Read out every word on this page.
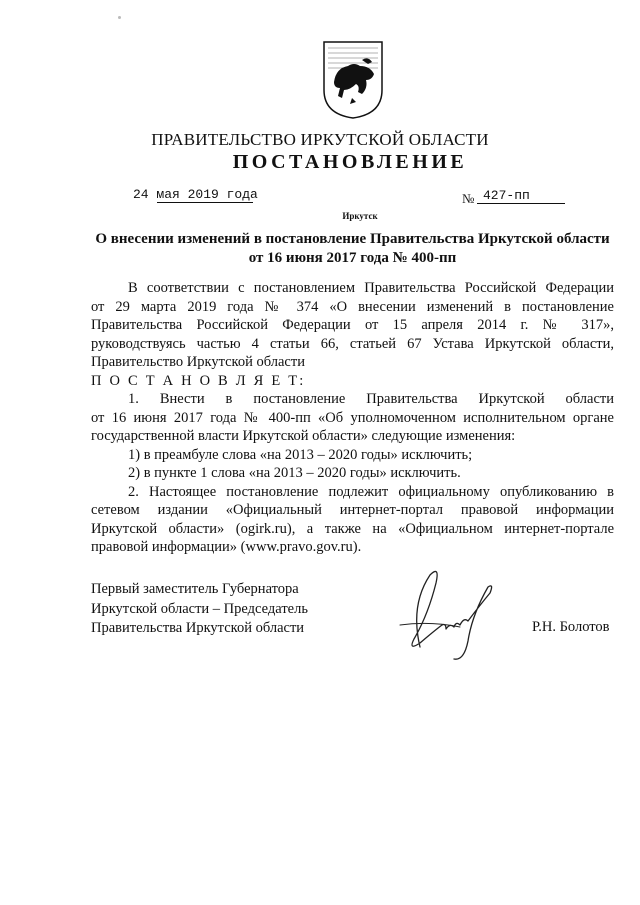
ПРАВИТЕЛЬСТВО ИРКУТСКОЙ ОБЛАСТИ
ПОСТАНОВЛЕНИЕ
24 мая 2019 года	№ 427-пп
Иркутск
О внесении изменений в постановление Правительства Иркутской области
от 16 июня 2017 года № 400-пп

В соответствии с постановлением Правительства Российской Федерации

от 29 марта 2019 года № 374 «О внесении изменений в постановление

Правительства Российской Федерации от 15 апреля 2014 г. № 317»,

руководствуясь частью 4 статьи 66, статьей 67 Устава Иркутской области,

Правительство Иркутской области

П О С Т А Н О В Л Я Е Т:

1. Внести в постановление Правительства Иркутской области

от 16 июня 2017 года № 400-пп «Об уполномоченном исполнительном органе

государственной власти Иркутской области» следующие изменения:

1) в преамбуле слова «на 2013 – 2020 годы» исключить;

2) в пункте 1 слова «на 2013 – 2020 годы» исключить.

2. Настоящее постановление подлежит официальному опубликованию в

сетевом издании «Официальный интернет-портал правовой информации

Иркутской области» (ogirk.ru), а также на «Официальном интернет-портале

правовой информации» (www.pravo.gov.ru).

Первый заместитель Губернатора
Иркутской области – Председатель
Правительства Иркутской области	Р.Н. Болотов
